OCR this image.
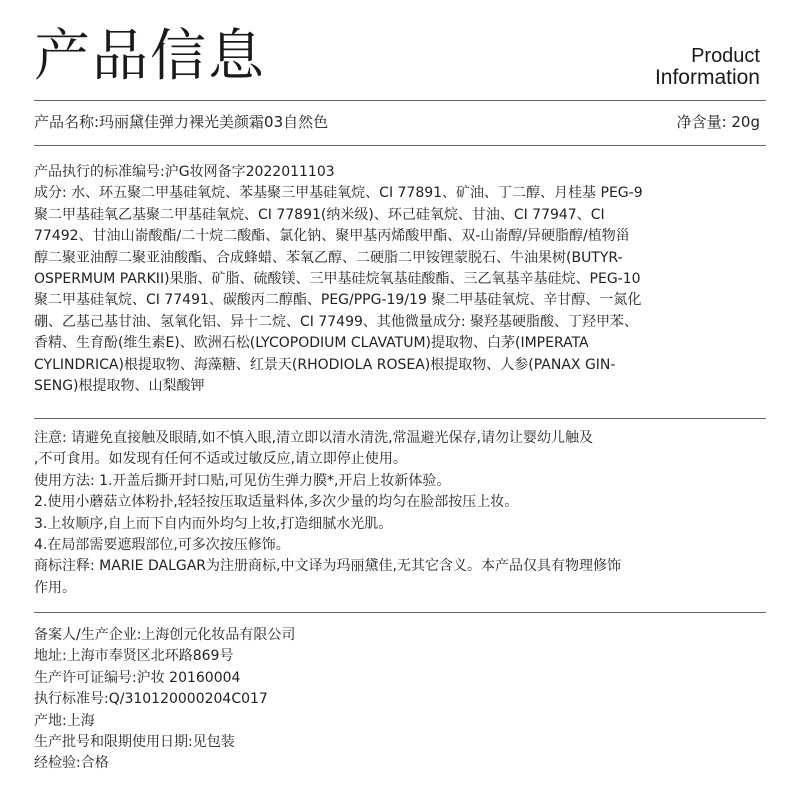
产品信息	Product
Information
产品名称:玛丽黛佳弹力裸光美颜霜03自然色	净含量: 20g
产品执行的标准编号:沪G妆网备字2022011103
成分: 水、环五聚二甲基硅氧烷、苯基聚三甲基硅氧烷、CI 77891、矿油、丁二醇、月桂基 PEG-9
聚二甲基硅氧乙基聚二甲基硅氧烷、CI 77891(纳米级)、环己硅氧烷、甘油、CI 77947、CI
77492、甘油山嵛酸酯/二十烷二酸酯、氯化钠、聚甲基丙烯酸甲酯、双-山嵛醇/异硬脂醇/植物甾
醇二聚亚油醇二聚亚油酸酯、合成蜂蜡、苯氧乙醇、二硬脂二甲铵锂蒙脱石、牛油果树(BUTYR-
OSPERMUM PARKII)果脂、矿脂、硫酸镁、三甲基硅烷氧基硅酸酯、三乙氧基辛基硅烷、PEG-10
聚二甲基硅氧烷、CI 77491、碳酸丙二醇酯、PEG/PPG-19/19 聚二甲基硅氧烷、辛甘醇、一氮化
硼、乙基己基甘油、氢氧化铝、异十二烷、CI 77499、其他微量成分: 聚羟基硬脂酸、丁羟甲苯、
香精、生育酚(维生素E)、欧洲石松(LYCOPODIUM CLAVATUM)提取物、白茅(IMPERATA
CYLINDRICA)根提取物、海藻糖、红景天(RHODIOLA ROSEA)根提取物、人参(PANAX GIN-
SENG)根提取物、山梨酸钾
注意: 请避免直接触及眼睛,如不慎入眼,清立即以清水清洗,常温避光保存,请勿让婴幼儿触及
,不可食用。如发现有任何不适或过敏反应,请立即停止使用。
使用方法: 1.开盖后撕开封口贴,可见仿生弹力膜*,开启上妆新体验。
2.使用小蘑菇立体粉扑,轻轻按压取适量料体,多次少量的均匀在脸部按压上妆。
3.上妆顺序,自上而下自内而外均匀上妆,打造细腻水光肌。
4.在局部需要遮瑕部位,可多次按压修饰。
商标注释: MARIE DALGAR为注册商标,中文译为玛丽黛佳,无其它含义。本产品仅具有物理修饰
作用。
备案人/生产企业:上海创元化妆品有限公司
地址:上海市奉贤区北环路869号
生产许可证编号:沪妆 20160004
执行标准号:Q/310120000204C017
产地:上海
生产批号和限期使用日期:见包装
经检验:合格
